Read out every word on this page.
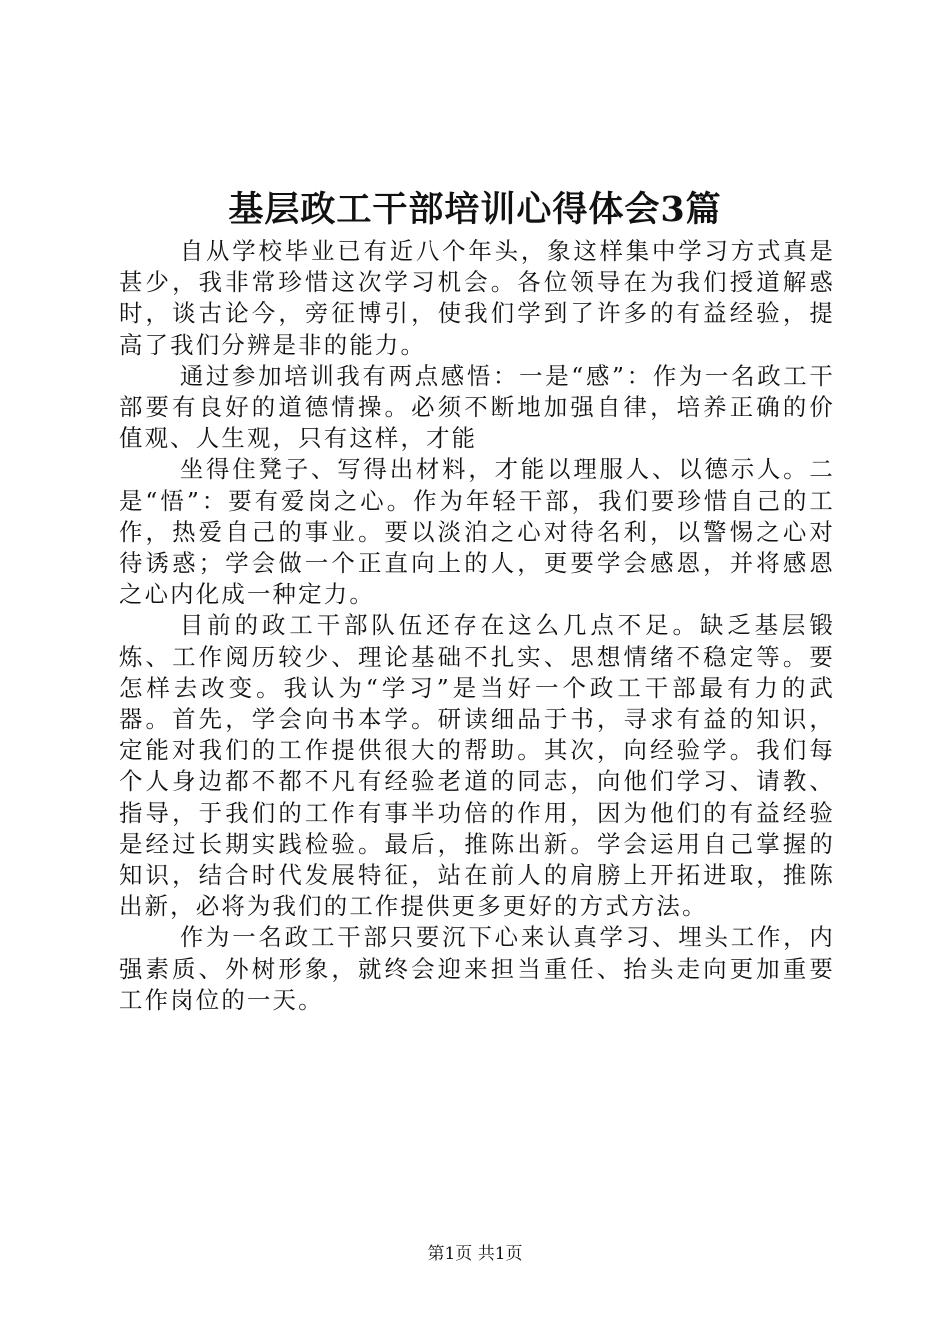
基层政工干部培训心得体会3篇

自从学校毕业已有近八个年头，象这样集中学习方式真是甚少，我非常珍惜这次学习机会。各位领导在为我们授道解惑时，谈古论今，旁征博引，使我们学到了许多的有益经验，提高了我们分辨是非的能力。

通过参加培训我有两点感悟：一是“感”：作为一名政工干部要有良好的道德情操。必须不断地加强自律，培养正确的价值观、人生观，只有这样，才能

坐得住凳子、写得出材料，才能以理服人、以德示人。二是“悟”：要有爱岗之心。作为年轻干部，我们要珍惜自己的工作，热爱自己的事业。要以淡泊之心对待名利，以警惕之心对待诱惑；学会做一个正直向上的人，更要学会感恩，并将感恩之心内化成一种定力。

目前的政工干部队伍还存在这么几点不足。缺乏基层锻炼、工作阅历较少、理论基础不扎实、思想情绪不稳定等。要怎样去改变。我认为“学习”是当好一个政工干部最有力的武器。首先，学会向书本学。研读细品于书，寻求有益的知识，定能对我们的工作提供很大的帮助。其次，向经验学。我们每个人身边都不都不凡有经验老道的同志，向他们学习、请教、指导，于我们的工作有事半功倍的作用，因为他们的有益经验是经过长期实践检验。最后，推陈出新。学会运用自己掌握的知识，结合时代发展特征，站在前人的肩膀上开拓进取，推陈出新，必将为我们的工作提供更多更好的方式方法。

作为一名政工干部只要沉下心来认真学习、埋头工作，内强素质、外树形象，就终会迎来担当重任、抬头走向更加重要工作岗位的一天。

第1页 共1页
